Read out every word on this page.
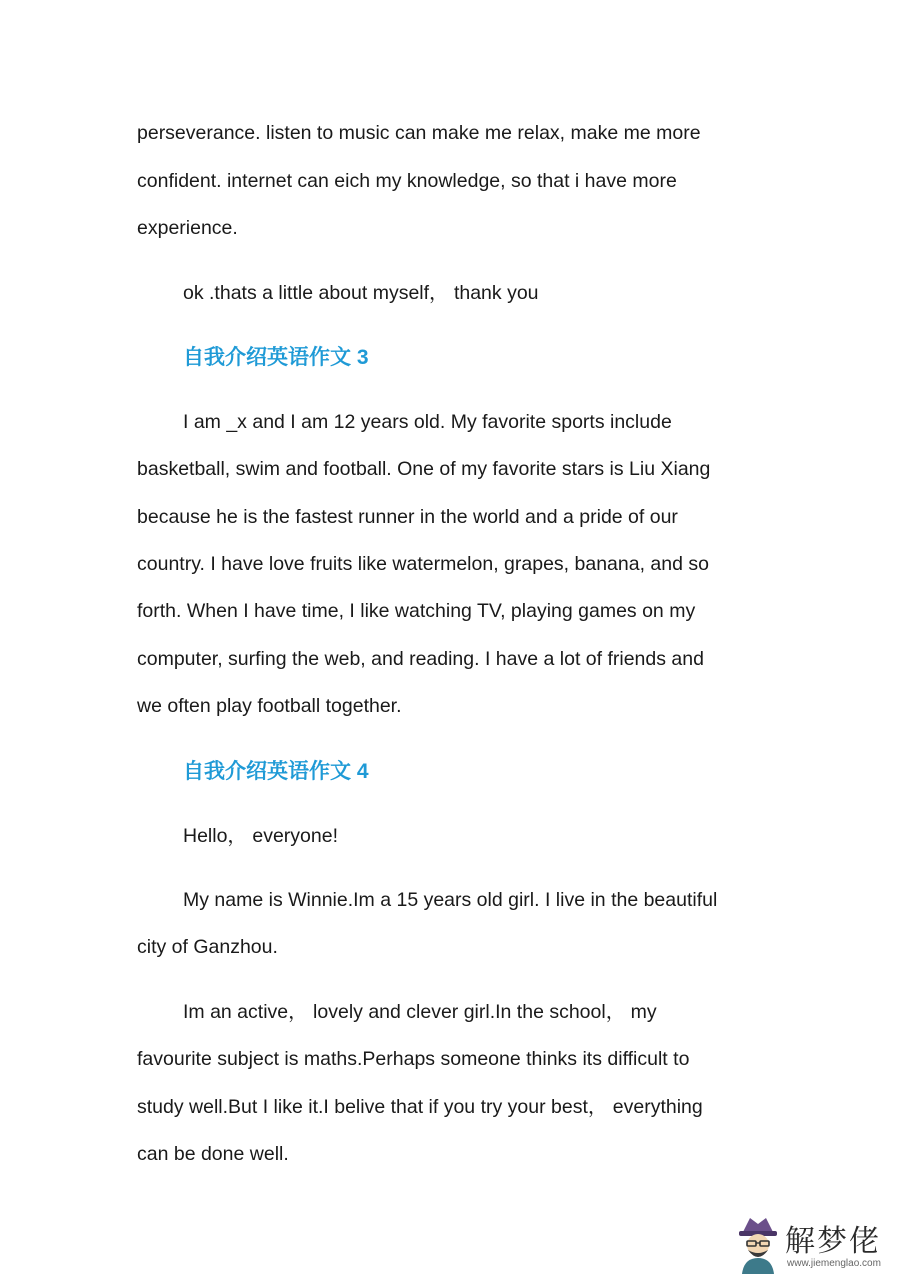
perseverance. listen to music can make me relax, make me more
confident. internet can eich my knowledge, so that i have more
experience.
ok .thats a little about myself， thank you
自我介绍英语作文 3
I am _x and I am 12 years old. My favorite sports include
basketball, swim and football. One of my favorite stars is Liu Xiang
because he is the fastest runner in the world and a pride of our
country. I have love fruits like watermelon, grapes, banana, and so
forth. When I have time, I like watching TV, playing games on my
computer, surfing the web, and reading. I have a lot of friends and
we often play football together.
自我介绍英语作文 4
Hello， everyone!
My name is Winnie.Im a 15 years old girl. I live in the beautiful
city of Ganzhou.
Im an active， lovely and clever girl.In the school， my
favourite subject is maths.Perhaps someone thinks its difficult to
study well.But I like it.I belive that if you try your best， everything
can be done well.
解梦佬
www.jiemenglao.com
